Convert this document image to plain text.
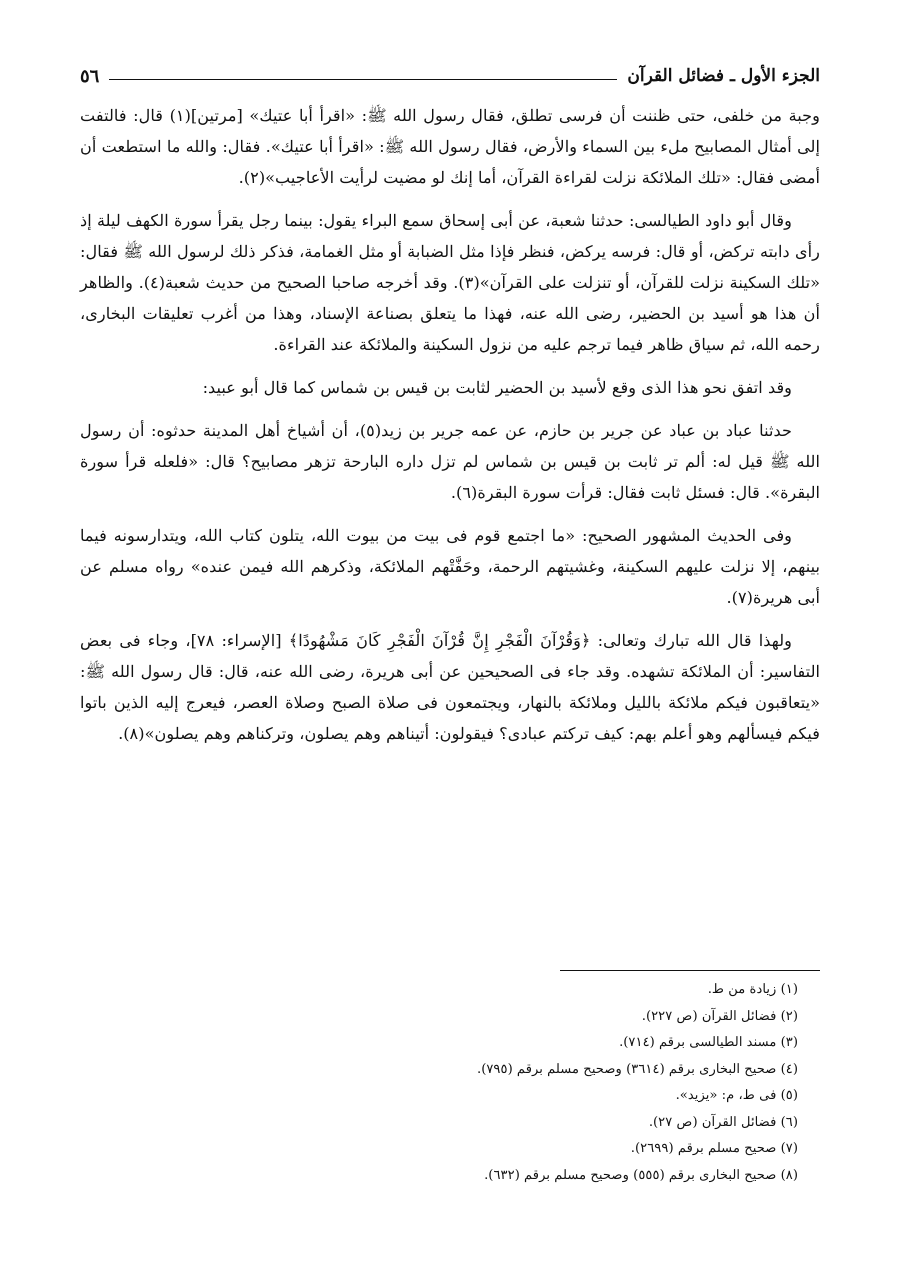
الجزء الأول ـ فضائل القرآن
٥٦

وجبة من خلفى، حتى ظننت أن فرسى تطلق، فقال رسول الله ﷺ: «اقرأ أبا عتيك» [مرتين](١) قال: فالتفت إلى أمثال المصابيح ملء بين السماء والأرض، فقال رسول الله ﷺ: «اقرأ أبا عتيك». فقال: والله ما استطعت أن أمضى فقال: «تلك الملائكة نزلت لقراءة القرآن، أما إنك لو مضيت لرأيت الأعاجيب»(٢).

وقال أبو داود الطيالسى: حدثنا شعبة، عن أبى إسحاق سمع البراء يقول: بينما رجل يقرأ سورة الكهف ليلة إذ رأى دابته تركض، أو قال: فرسه يركض، فنظر فإذا مثل الضبابة أو مثل الغمامة، فذكر ذلك لرسول الله ﷺ فقال: «تلك السكينة نزلت للقرآن، أو تنزلت على القرآن»(٣). وقد أخرجه صاحبا الصحيح من حديث شعبة(٤). والظاهر أن هذا هو أسيد بن الحضير، رضى الله عنه، فهذا ما يتعلق بصناعة الإسناد، وهذا من أغرب تعليقات البخارى، رحمه الله، ثم سياق ظاهر فيما ترجم عليه من نزول السكينة والملائكة عند القراءة.

وقد اتفق نحو هذا الذى وقع لأسيد بن الحضير لثابت بن قيس بن شماس كما قال أبو عبيد:

حدثنا عباد بن عباد عن جرير بن حازم، عن عمه جرير بن زيد(٥)، أن أشياخ أهل المدينة حدثوه: أن رسول الله ﷺ قيل له: ألم تر ثابت بن قيس بن شماس لم تزل داره البارحة تزهر مصابيح؟ قال: «فلعله قرأ سورة البقرة». قال: فسئل ثابت فقال: قرأت سورة البقرة(٦).

وفى الحديث المشهور الصحيح: «ما اجتمع قوم فى بيت من بيوت الله، يتلون كتاب الله، ويتدارسونه فيما بينهم، إلا نزلت عليهم السكينة، وغشيتهم الرحمة، وحَفَّتْهم الملائكة، وذكرهم الله فيمن عنده» رواه مسلم عن أبى هريرة(٧).

ولهذا قال الله تبارك وتعالى: ﴿وَقُرْآنَ الْفَجْرِ إِنَّ قُرْآنَ الْفَجْرِ كَانَ مَشْهُودًا﴾ [الإسراء: ٧٨]، وجاء فى بعض التفاسير: أن الملائكة تشهده. وقد جاء فى الصحيحين عن أبى هريرة، رضى الله عنه، قال: قال رسول الله ﷺ: «يتعاقبون فيكم ملائكة بالليل وملائكة بالنهار، ويجتمعون فى صلاة الصبح وصلاة العصر، فيعرج إليه الذين باتوا فيكم فيسألهم وهو أعلم بهم: كيف تركتم عبادى؟ فيقولون: أتيناهم وهم يصلون، وتركناهم وهم يصلون»(٨).

(١) زيادة من ط.

(٢) فضائل القرآن (ص ٢٢٧).

(٣) مسند الطيالسى برقم (٧١٤).

(٤) صحيح البخارى برقم (٣٦١٤) وصحيح مسلم برقم (٧٩٥).

(٥) فى ط، م: «يزيد».

(٦) فضائل القرآن (ص ٢٧).

(٧) صحيح مسلم برقم (٢٦٩٩).

(٨) صحيح البخارى برقم (٥٥٥) وصحيح مسلم برقم (٦٣٢).
